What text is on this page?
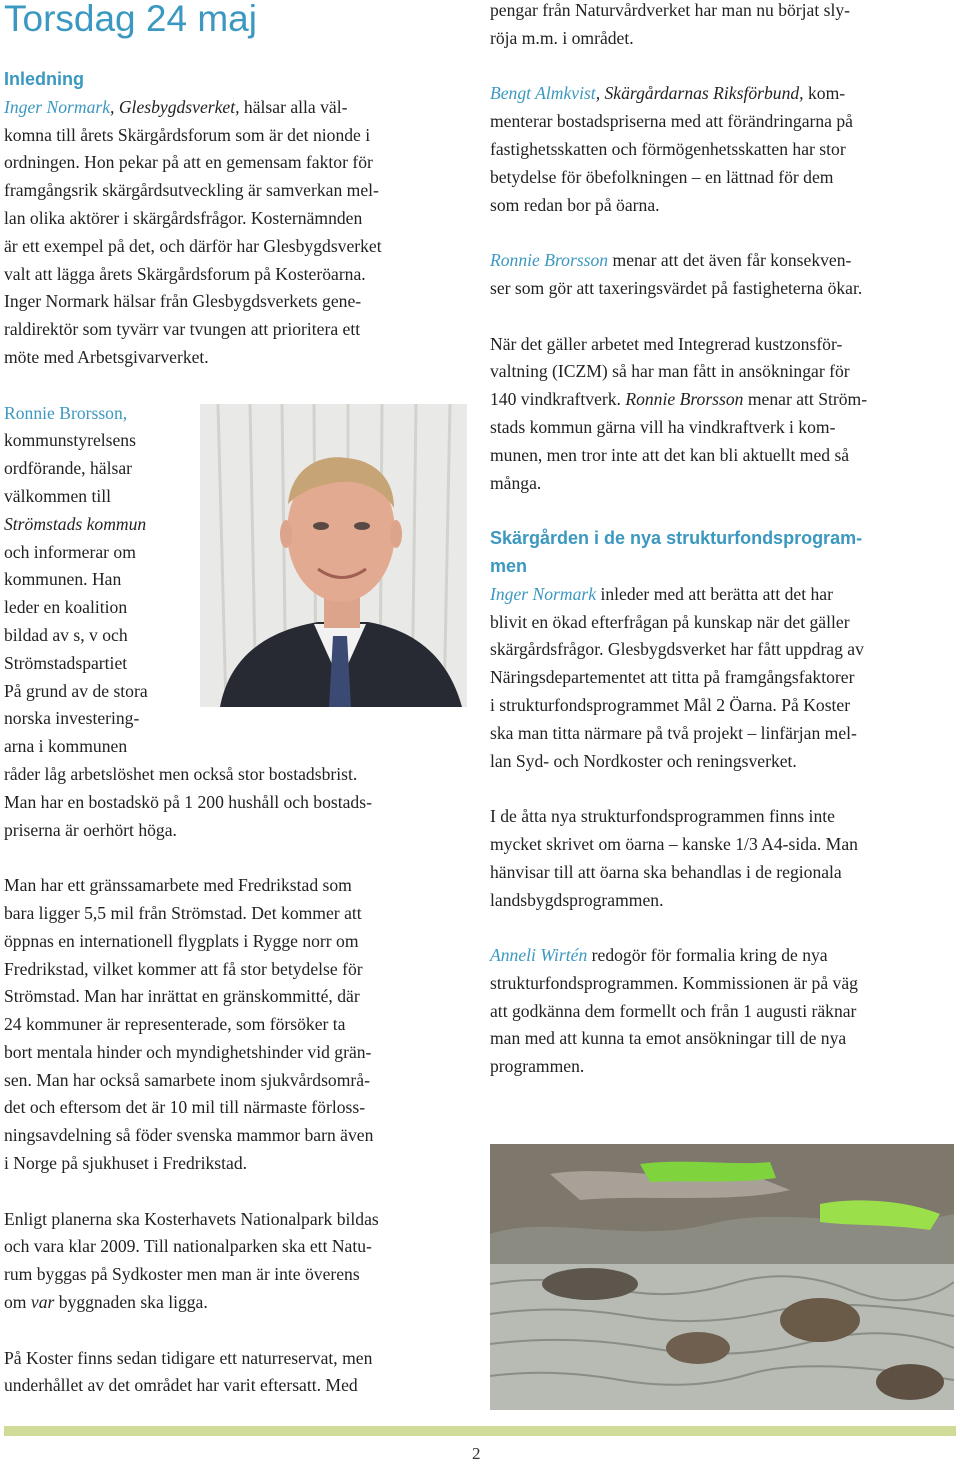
Torsdag 24 maj

Inledning

Inger Normark, Glesbygdsverket, hälsar alla väl-
komna till årets Skärgårdsforum som är det nionde i
ordningen. Hon pekar på att en gemensam faktor för
framgångsrik skärgårdsutveckling är samverkan mel-
lan olika aktörer i skärgårdsfrågor. Kosternämnden
är ett exempel på det, och därför har Glesbygdsverket
valt att lägga årets Skärgårdsforum på Kosteröarna.
Inger Normark hälsar från Glesbygdsverkets gene-
raldirektör som tyvärr var tvungen att prioritera ett
möte med Arbetsgivarverket.

Ronnie Brorsson,
kommunstyrelsens
ordförande, hälsar
välkommen till
Strömstads kommun
och informerar om
kommunen. Han
leder en koalition
bildad av s, v och
Strömstadspartiet
På grund av de stora
norska investering-
arna i kommunen
råder låg arbetslöshet men också stor bostadsbrist.
Man har en bostadskö på 1 200 hushåll och bostads-
priserna är oerhört höga.

Man har ett gränssamarbete med Fredrikstad som
bara ligger 5,5 mil från Strömstad. Det kommer att
öppnas en internationell flygplats i Rygge norr om
Fredrikstad, vilket kommer att få stor betydelse för
Strömstad. Man har inrättat en gränskommitté, där
24 kommuner är representerade, som försöker ta
bort mentala hinder och myndighetshinder vid grän-
sen. Man har också samarbete inom sjukvårdsområ-
det och eftersom det är 10 mil till närmaste förloss-
ningsavdelning så föder svenska mammor barn även
i Norge på sjukhuset i Fredrikstad.

Enligt planerna ska Kosterhavets Nationalpark bildas
och vara klar 2009. Till nationalparken ska ett Natu-
rum byggas på Sydkoster men man är inte överens
om var byggnaden ska ligga.

På Koster finns sedan tidigare ett naturreservat, men
underhållet av det området har varit eftersatt. Med

pengar från Naturvårdverket har man nu börjat sly-
röja m.m. i området.

Bengt Almkvist, Skärgårdarnas Riksförbund, kom-
menterar bostadspriserna med att förändringarna på
fastighetsskatten och förmögenhetsskatten har stor
betydelse för öbefolkningen – en lättnad för dem
som redan bor på öarna.

Ronnie Brorsson menar att det även får konsekven-
ser som gör att taxeringsvärdet på fastigheterna ökar.

När det gäller arbetet med Integrerad kustzonsför-
valtning (ICZM) så har man fått in ansökningar för
140 vindkraftverk. Ronnie Brorsson menar att Ström-
stads kommun gärna vill ha vindkraftverk i kom-
munen, men tror inte att det kan bli aktuellt med så
många.

Skärgården i de nya strukturfondsprogram-
men

Inger Normark inleder med att berätta att det har
blivit en ökad efterfrågan på kunskap när det gäller
skärgårdsfrågor. Glesbygdsverket har fått uppdrag av
Näringsdepartementet att titta på framgångsfaktorer
i strukturfondsprogrammet Mål 2 Öarna. På Koster
ska man titta närmare på två projekt – linfärjan mel-
lan Syd- och Nordkoster och reningsverket.

I de åtta nya strukturfondsprogrammen finns inte
mycket skrivet om öarna – kanske 1/3 A4-sida. Man
hänvisar till att öarna ska behandlas i de regionala
landsbygdsprogrammen.

Anneli Wirtén redogör för formalia kring de nya
strukturfondsprogrammen. Kommissionen är på väg
att godkänna dem formellt och från 1 augusti räknar
man med att kunna ta emot ansökningar till de nya
programmen.

2
